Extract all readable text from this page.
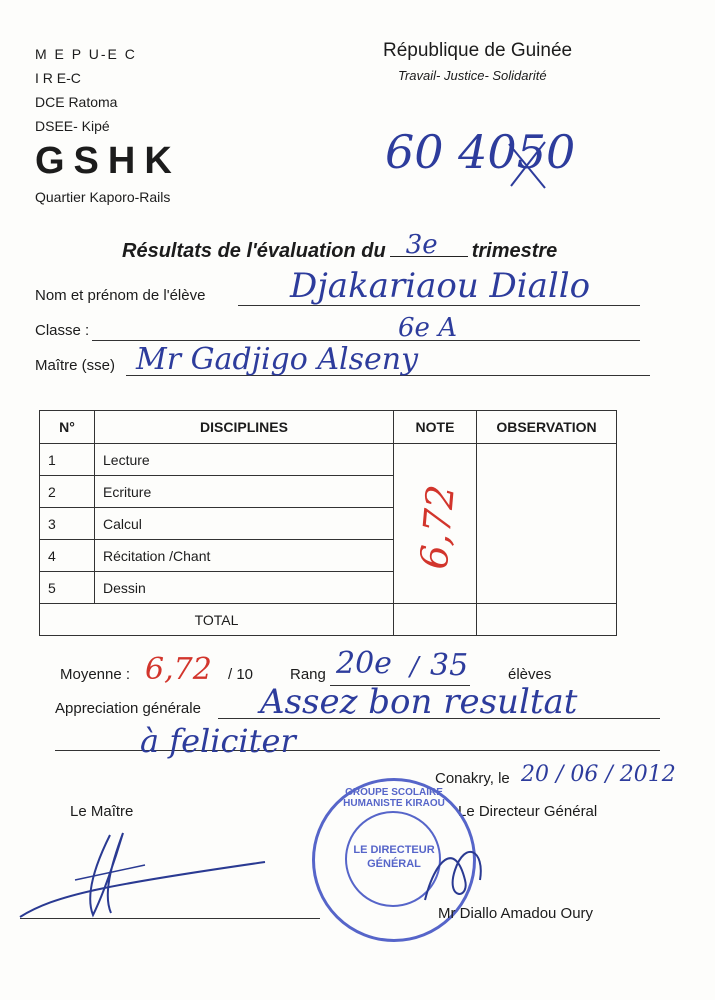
M E P U-E C
I R E-C
DCE Ratoma
DSEE- Kipé
GSHK
Quartier Kaporo-Rails
République de Guinée
Travail- Justice- Solidarité
60 4050
Résultats de l'évaluation du 3e trimestre
Nom et prénom de l'élève Djakariaou Diallo
Classe :	6e A
Maître (sse) Mr Gadjigo Alseny
N°	DISCIPLINES	NOTE	OBSERVATION
1	Lecture		
2	Ecriture		
3	Calcul		
4	Récitation /Chant		
5	Dessin		
TOTAL			
6,72
Moyenne : 6,72 / 10 Rang 20e / 35	élèves
Appreciation générale Assez bon resultat
à feliciter
Conakry, le 20 / 06 / 2012
Le Maître	Le Directeur Général
LE DIRECTEUR GÉNÉRAL
GROUPE SCOLAIRE HUMANISTE KIRAOU
Mr Diallo Amadou Oury
